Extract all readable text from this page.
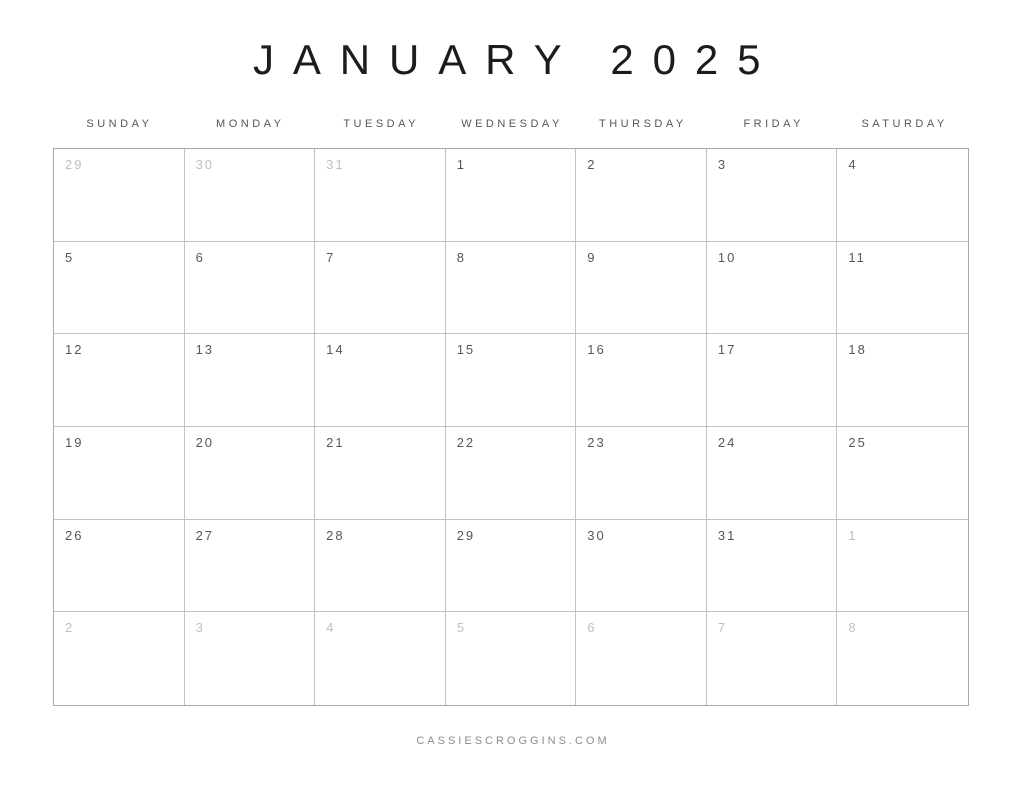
JANUARY 2025
SUNDAY	MONDAY	TUESDAY	WEDNESDAY	THURSDAY	FRIDAY	SATURDAY
29	30	31	1	2	3	4
5	6	7	8	9	10	11
12	13	14	15	16	17	18
19	20	21	22	23	24	25
26	27	28	29	30	31	1
2	3	4	5	6	7	8
CASSIESCROGGINS.COM
